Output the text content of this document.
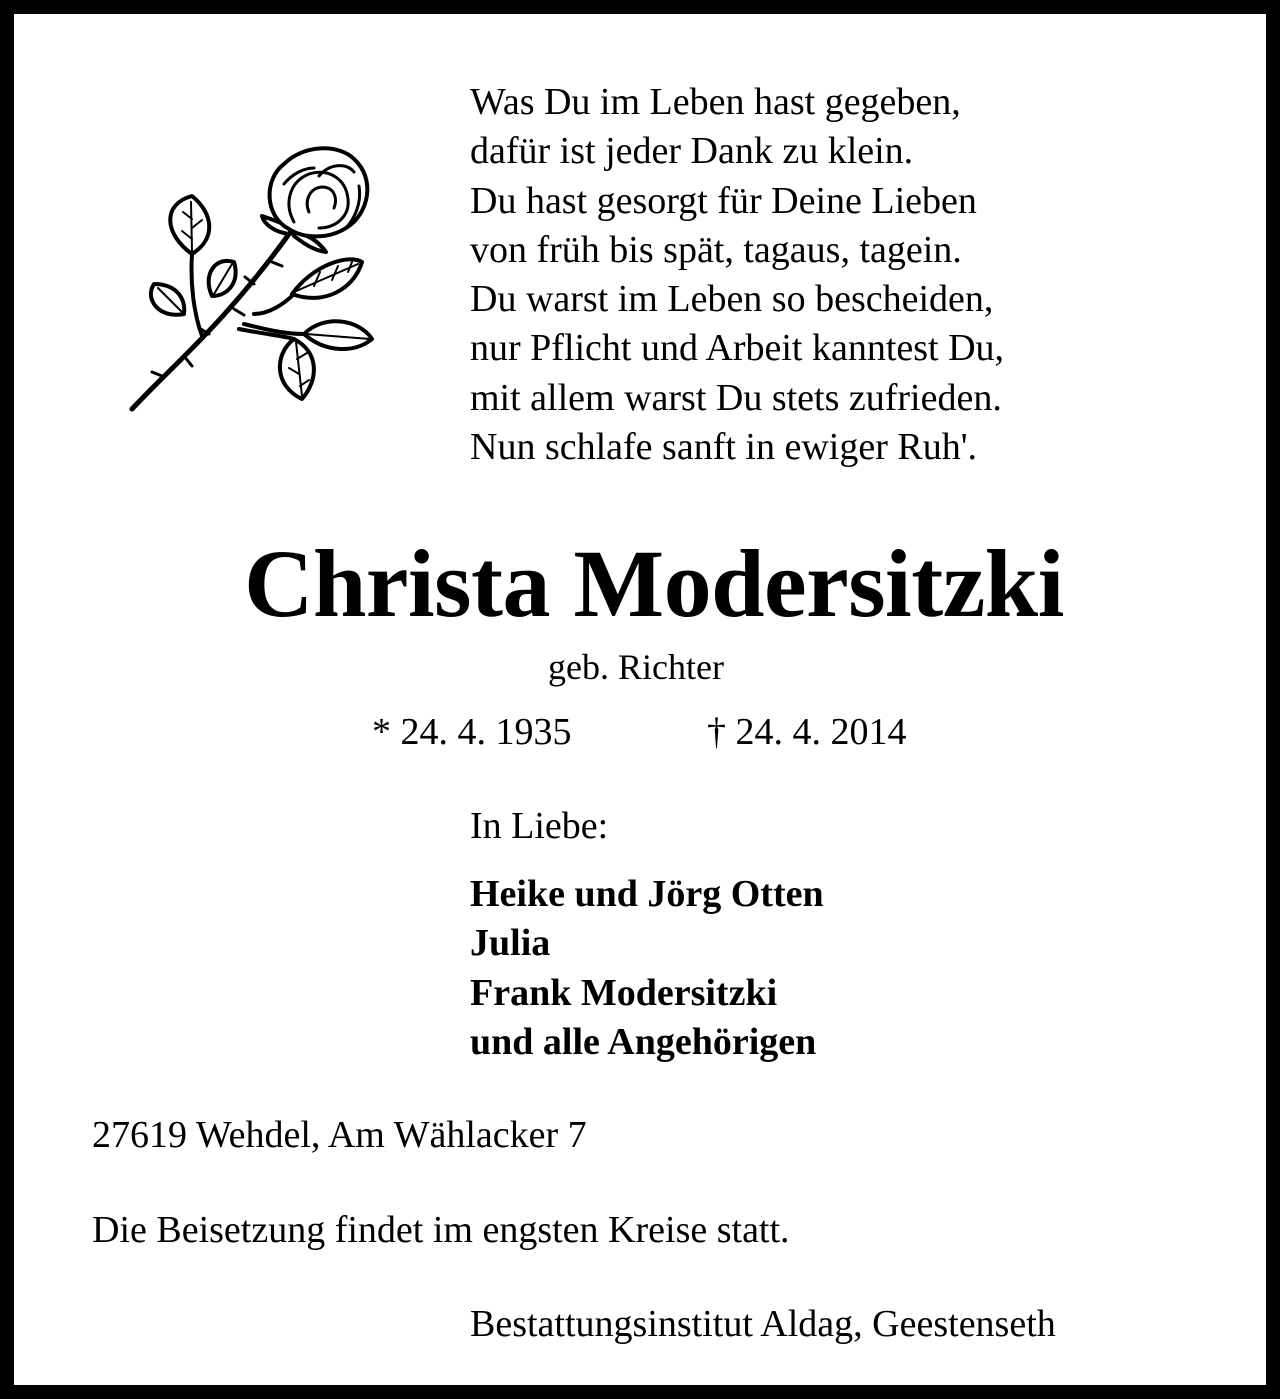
Was Du im Leben hast gegeben,
dafür ist jeder Dank zu klein.
Du hast gesorgt für Deine Lieben
von früh bis spät, tagaus, tagein.
Du warst im Leben so bescheiden,
nur Pflicht und Arbeit kanntest Du,
mit allem warst Du stets zufrieden.
Nun schlafe sanft in ewiger Ruh'.
Christa Modersitzki
geb. Richter
* 24. 4. 1935	† 24. 4. 2014
In Liebe:
Heike und Jörg Otten
Julia
Frank Modersitzki
und alle Angehörigen
27619 Wehdel, Am Wählacker 7
Die Beisetzung findet im engsten Kreise statt.
Bestattungsinstitut Aldag, Geestenseth
